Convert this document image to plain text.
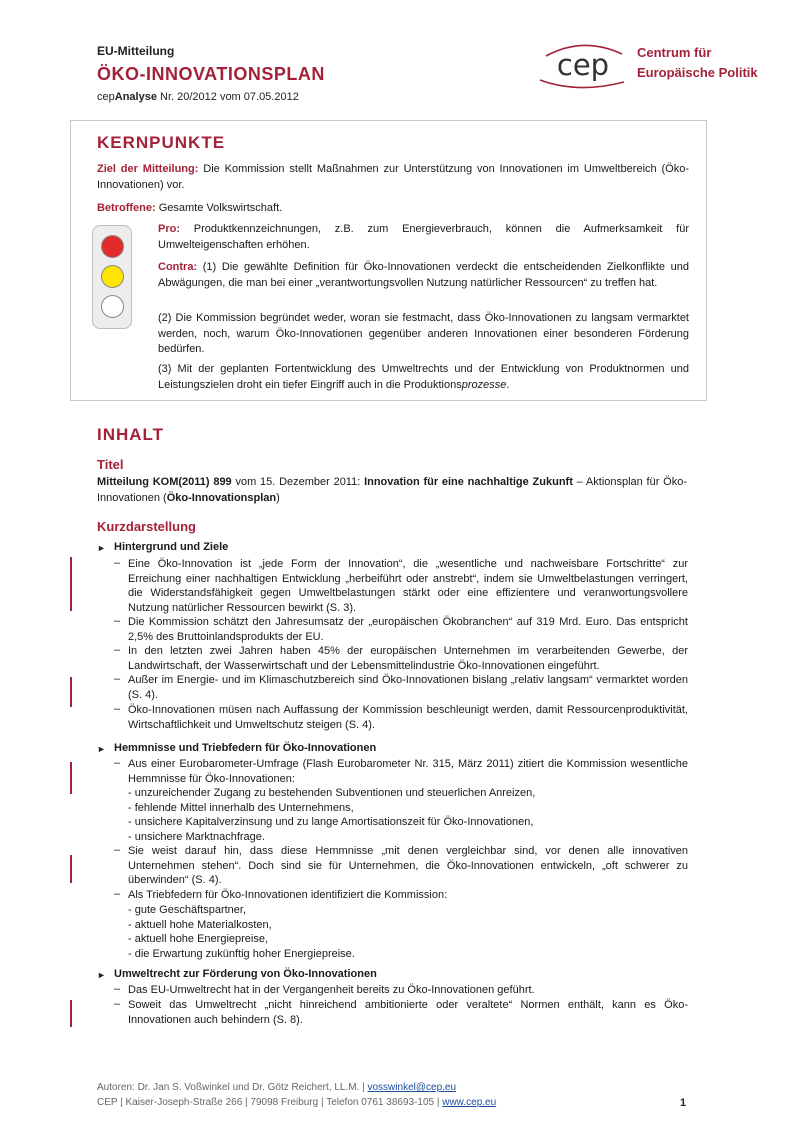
EU-Mitteilung
ÖKO-INNOVATIONSPLAN
cepAnalyse Nr. 20/2012 vom 07.05.2012
cep Centrum für
Europäische Politik
KERNPUNKTE
Ziel der Mitteilung: Die Kommission stellt Maßnahmen zur Unterstützung von Innovationen im Umweltbereich (Öko-Innovationen) vor.
Betroffene: Gesamte Volkswirtschaft.
Pro: Produktkennzeichnungen, z.B. zum Energieverbrauch, können die Aufmerksamkeit für Umwelteigenschaften erhöhen.
Contra: (1) Die gewählte Definition für Öko-Innovationen verdeckt die entscheidenden Zielkonflikte und Abwägungen, die man bei einer „verantwortungsvollen Nutzung natürlicher Ressourcen“ zu treffen hat.
(2) Die Kommission begründet weder, woran sie festmacht, dass Öko-Innovationen zu langsam vermarktet werden, noch, warum Öko-Innovationen gegenüber anderen Innovationen einer besonderen Förderung bedürfen.
(3) Mit der geplanten Fortentwicklung des Umweltrechts und der Entwicklung von Produktnormen und Leistungszielen droht ein tiefer Eingriff auch in die Produktionsprozesse.
INHALT
Titel
Mitteilung KOM(2011) 899 vom 15. Dezember 2011: Innovation für eine nachhaltige Zukunft – Aktionsplan für Öko-Innovationen (Öko-Innovationsplan)
Kurzdarstellung
► Hintergrund und Ziele
– Eine Öko-Innovation ist „jede Form der Innovation“, die „wesentliche und nachweisbare Fortschritte“ zur Erreichung einer nachhaltigen Entwicklung „herbeiführt oder anstrebt“, indem sie Umweltbelastungen verringert, die Widerstandsfähigkeit gegen Umweltbelastungen stärkt oder eine effizientere und veranwortungsvollere Nutzung natürlicher Ressourcen bewirkt (S. 3).
– Die Kommission schätzt den Jahresumsatz der „europäischen Ökobranchen“ auf 319 Mrd. Euro. Das entspricht 2,5% des Bruttoinlandsprodukts der EU.
– In den letzten zwei Jahren haben 45% der europäischen Unternehmen im verarbeitenden Gewerbe, der Landwirtschaft, der Wasserwirtschaft und der Lebensmittelindustrie Öko-Innovationen eingeführt.
– Außer im Energie- und im Klimaschutzbereich sind Öko-Innovationen bislang „relativ langsam“ vermarktet worden (S. 4).
– Öko-Innovationen müsen nach Auffassung der Kommission beschleunigt werden, damit Ressourcenproduktivität, Wirtschaftlichkeit und Umweltschutz steigen (S. 4).
► Hemmnisse und Triebfedern für Öko-Innovationen
– Aus einer Eurobarometer-Umfrage (Flash Eurobarometer Nr. 315, März 2011) zitiert die Kommission wesentliche Hemmnisse für Öko-Innovationen:
- unzureichender Zugang zu bestehenden Subventionen und steuerlichen Anreizen,
- fehlende Mittel innerhalb des Unternehmens,
- unsichere Kapitalverzinsung und zu lange Amortisationszeit für Öko-Innovationen,
- unsichere Marktnachfrage.
– Sie weist darauf hin, dass diese Hemmnisse „mit denen vergleichbar sind, vor denen alle innovativen Unternehmen stehen“. Doch sind sie für Unternehmen, die Öko-Innovationen entwickeln, „oft schwerer zu überwinden“ (S. 4).
– Als Triebfedern für Öko-Innovationen identifiziert die Kommission:
- gute Geschäftspartner,
- aktuell hohe Materialkosten,
- aktuell hohe Energiepreise,
- die Erwartung zukünftig hoher Energiepreise.
► Umweltrecht zur Förderung von Öko-Innovationen
– Das EU-Umweltrecht hat in der Vergangenheit bereits zu Öko-Innovationen geführt.
– Soweit das Umweltrecht „nicht hinreichend ambitionierte oder veraltete“ Normen enthält, kann es Öko-Innovationen auch behindern (S. 8).
Autoren: Dr. Jan S. Voßwinkel und Dr. Götz Reichert, LL.M. | vosswinkel@cep.eu
CEP | Kaiser-Joseph-Straße 266 | 79098 Freiburg | Telefon 0761 38693-105 | www.cep.eu	1
